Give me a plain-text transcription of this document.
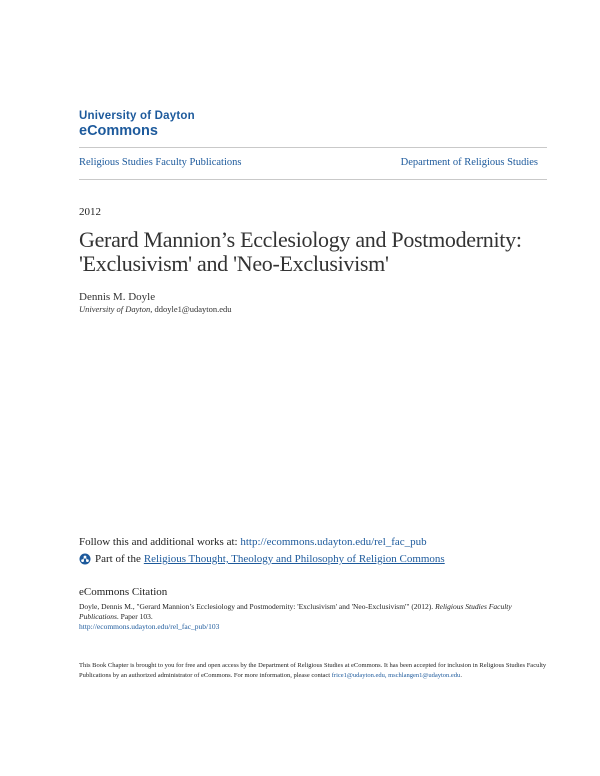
University of Dayton
eCommons
Religious Studies Faculty Publications	Department of Religious Studies
2012
Gerard Mannion’s Ecclesiology and Postmodernity: 'Exclusivism' and 'Neo-Exclusivism'
Dennis M. Doyle
University of Dayton, ddoyle1@udayton.edu
Follow this and additional works at: http://ecommons.udayton.edu/rel_fac_pub
Part of the Religious Thought, Theology and Philosophy of Religion Commons
eCommons Citation
Doyle, Dennis M., "Gerard Mannion’s Ecclesiology and Postmodernity: 'Exclusivism' and 'Neo-Exclusivism'" (2012). Religious Studies Faculty Publications. Paper 103.
http://ecommons.udayton.edu/rel_fac_pub/103
This Book Chapter is brought to you for free and open access by the Department of Religious Studies at eCommons. It has been accepted for inclusion in Religious Studies Faculty Publications by an authorized administrator of eCommons. For more information, please contact frice1@udayton.edu, mschlangen1@udayton.edu.
